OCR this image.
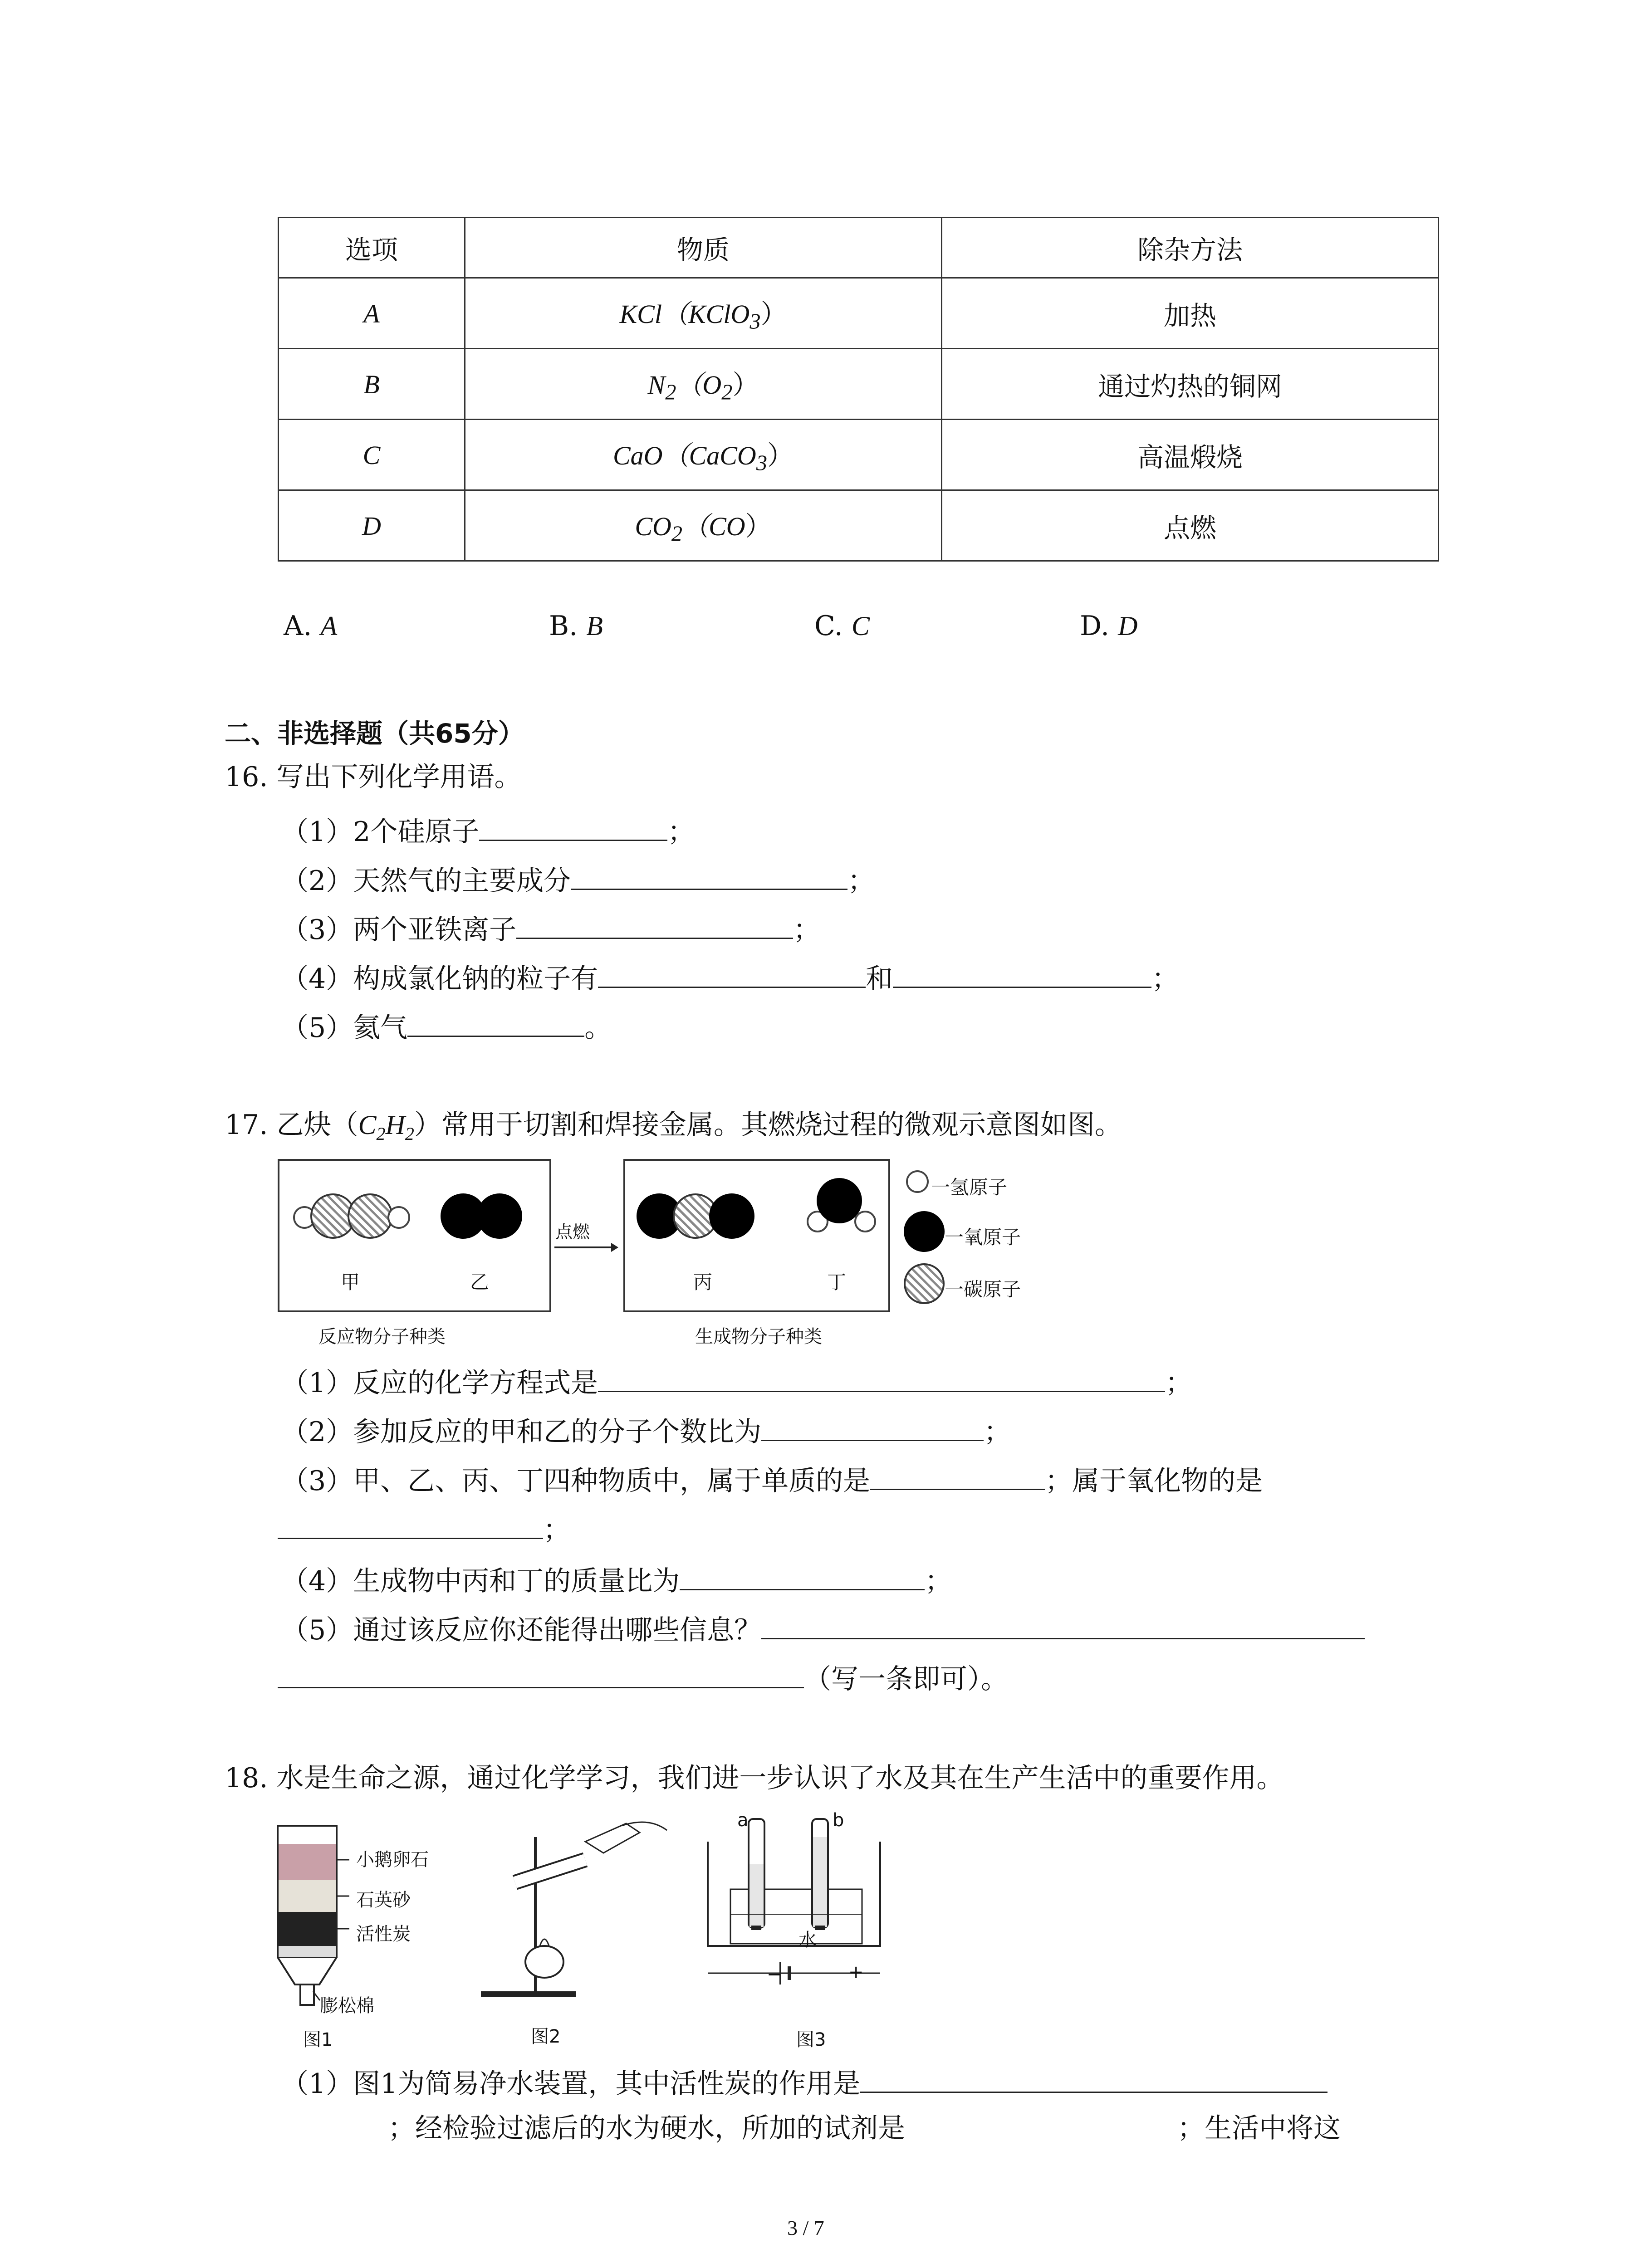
选项	物质	除杂方法
A	KCl（KClO$_3$）	加热
B	$N_2(O_2)$	通过灼热的铜网
C	CaO（CaCO$_3$）	高温煅烧
D	$CO_2(CO)$	点燃
A. A	B. B	C. C	D. D
二、非选择题（共65分）
16. 写出下列化学用语。
（1）2个硅原子	；
（2）天然气的主要成分	；
（3）两个亚铁离子	；
（4）构成氯化钠的粒子有	和	；
（5）氦气	。
17. 乙炔$(C_2H_2)$常用于切割和焊接金属。其燃烧过程的微观示意图如图。
甲	乙
点燃
丙	丁
一氢原子
一氧原子
一碳原子
反应物分子种类	生成物分子种类
（1）反应的化学方程式是	；
（2）参加反应的甲和乙的分子个数比为	；
（3）甲、乙、丙、丁四种物质中，属于单质的是	；属于氧化物的是
；
（4）生成物中丙和丁的质量比为	；
（5）通过该反应你还能得出哪些信息？
（写一条即可）。
18. 水是生命之源，通过化学学习，我们进一步认识了水及其在生产生活中的重要作用。
小鹅卵石
石英砂
活性炭
膨松棉
a	b
水
−	+
图1	图2	图3
（1）图1为简易净水装置，其中活性炭的作用是
；经检验过滤后的水为硬水，所加的试剂是	；生活中将这
3 / 7
